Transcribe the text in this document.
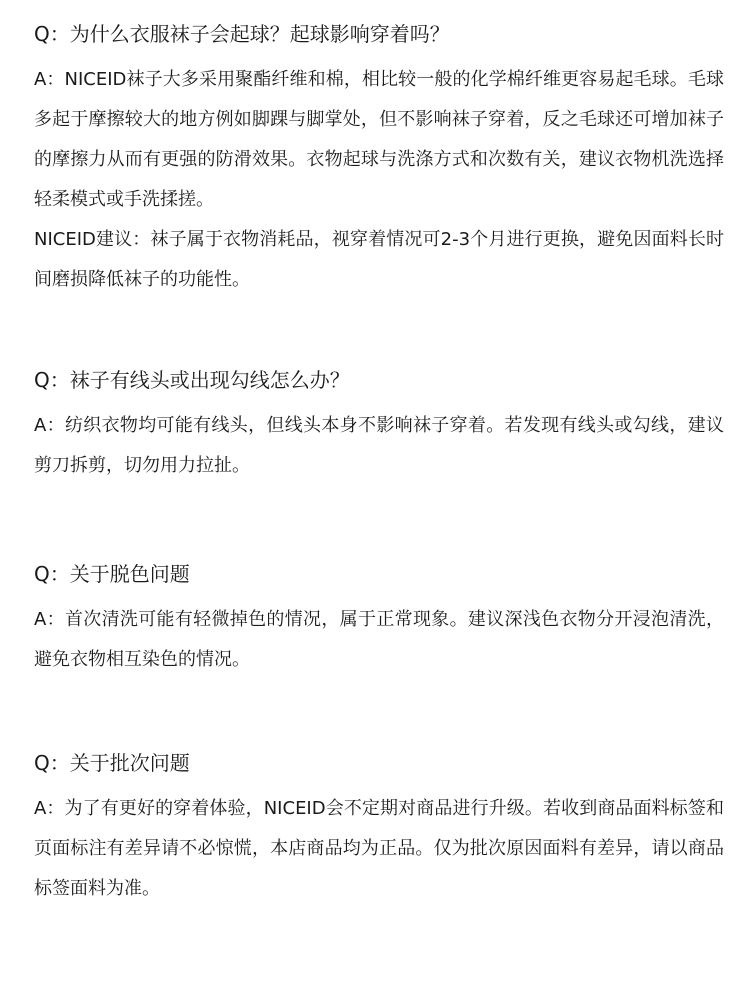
Q：为什么衣服袜子会起球？起球影响穿着吗？

A：NICEID袜子大多采用聚酯纤维和棉，相比较一般的化学棉纤维更容易起毛球。毛球多起于摩擦较大的地方例如脚踝与脚掌处，但不影响袜子穿着，反之毛球还可增加袜子的摩擦力从而有更强的防滑效果。衣物起球与洗涤方式和次数有关，建议衣物机洗选择轻柔模式或手洗揉搓。

NICEID建议：袜子属于衣物消耗品，视穿着情况可2-3个月进行更换，避免因面料长时间磨损降低袜子的功能性。

Q：袜子有线头或出现勾线怎么办？

A：纺织衣物均可能有线头，但线头本身不影响袜子穿着。若发现有线头或勾线，建议剪刀拆剪，切勿用力拉扯。

Q：关于脱色问题

A：首次清洗可能有轻微掉色的情况，属于正常现象。建议深浅色衣物分开浸泡清洗，避免衣物相互染色的情况。

Q：关于批次问题

A：为了有更好的穿着体验，NICEID会不定期对商品进行升级。若收到商品面料标签和页面标注有差异请不必惊慌，本店商品均为正品。仅为批次原因面料有差异，请以商品标签面料为准。
